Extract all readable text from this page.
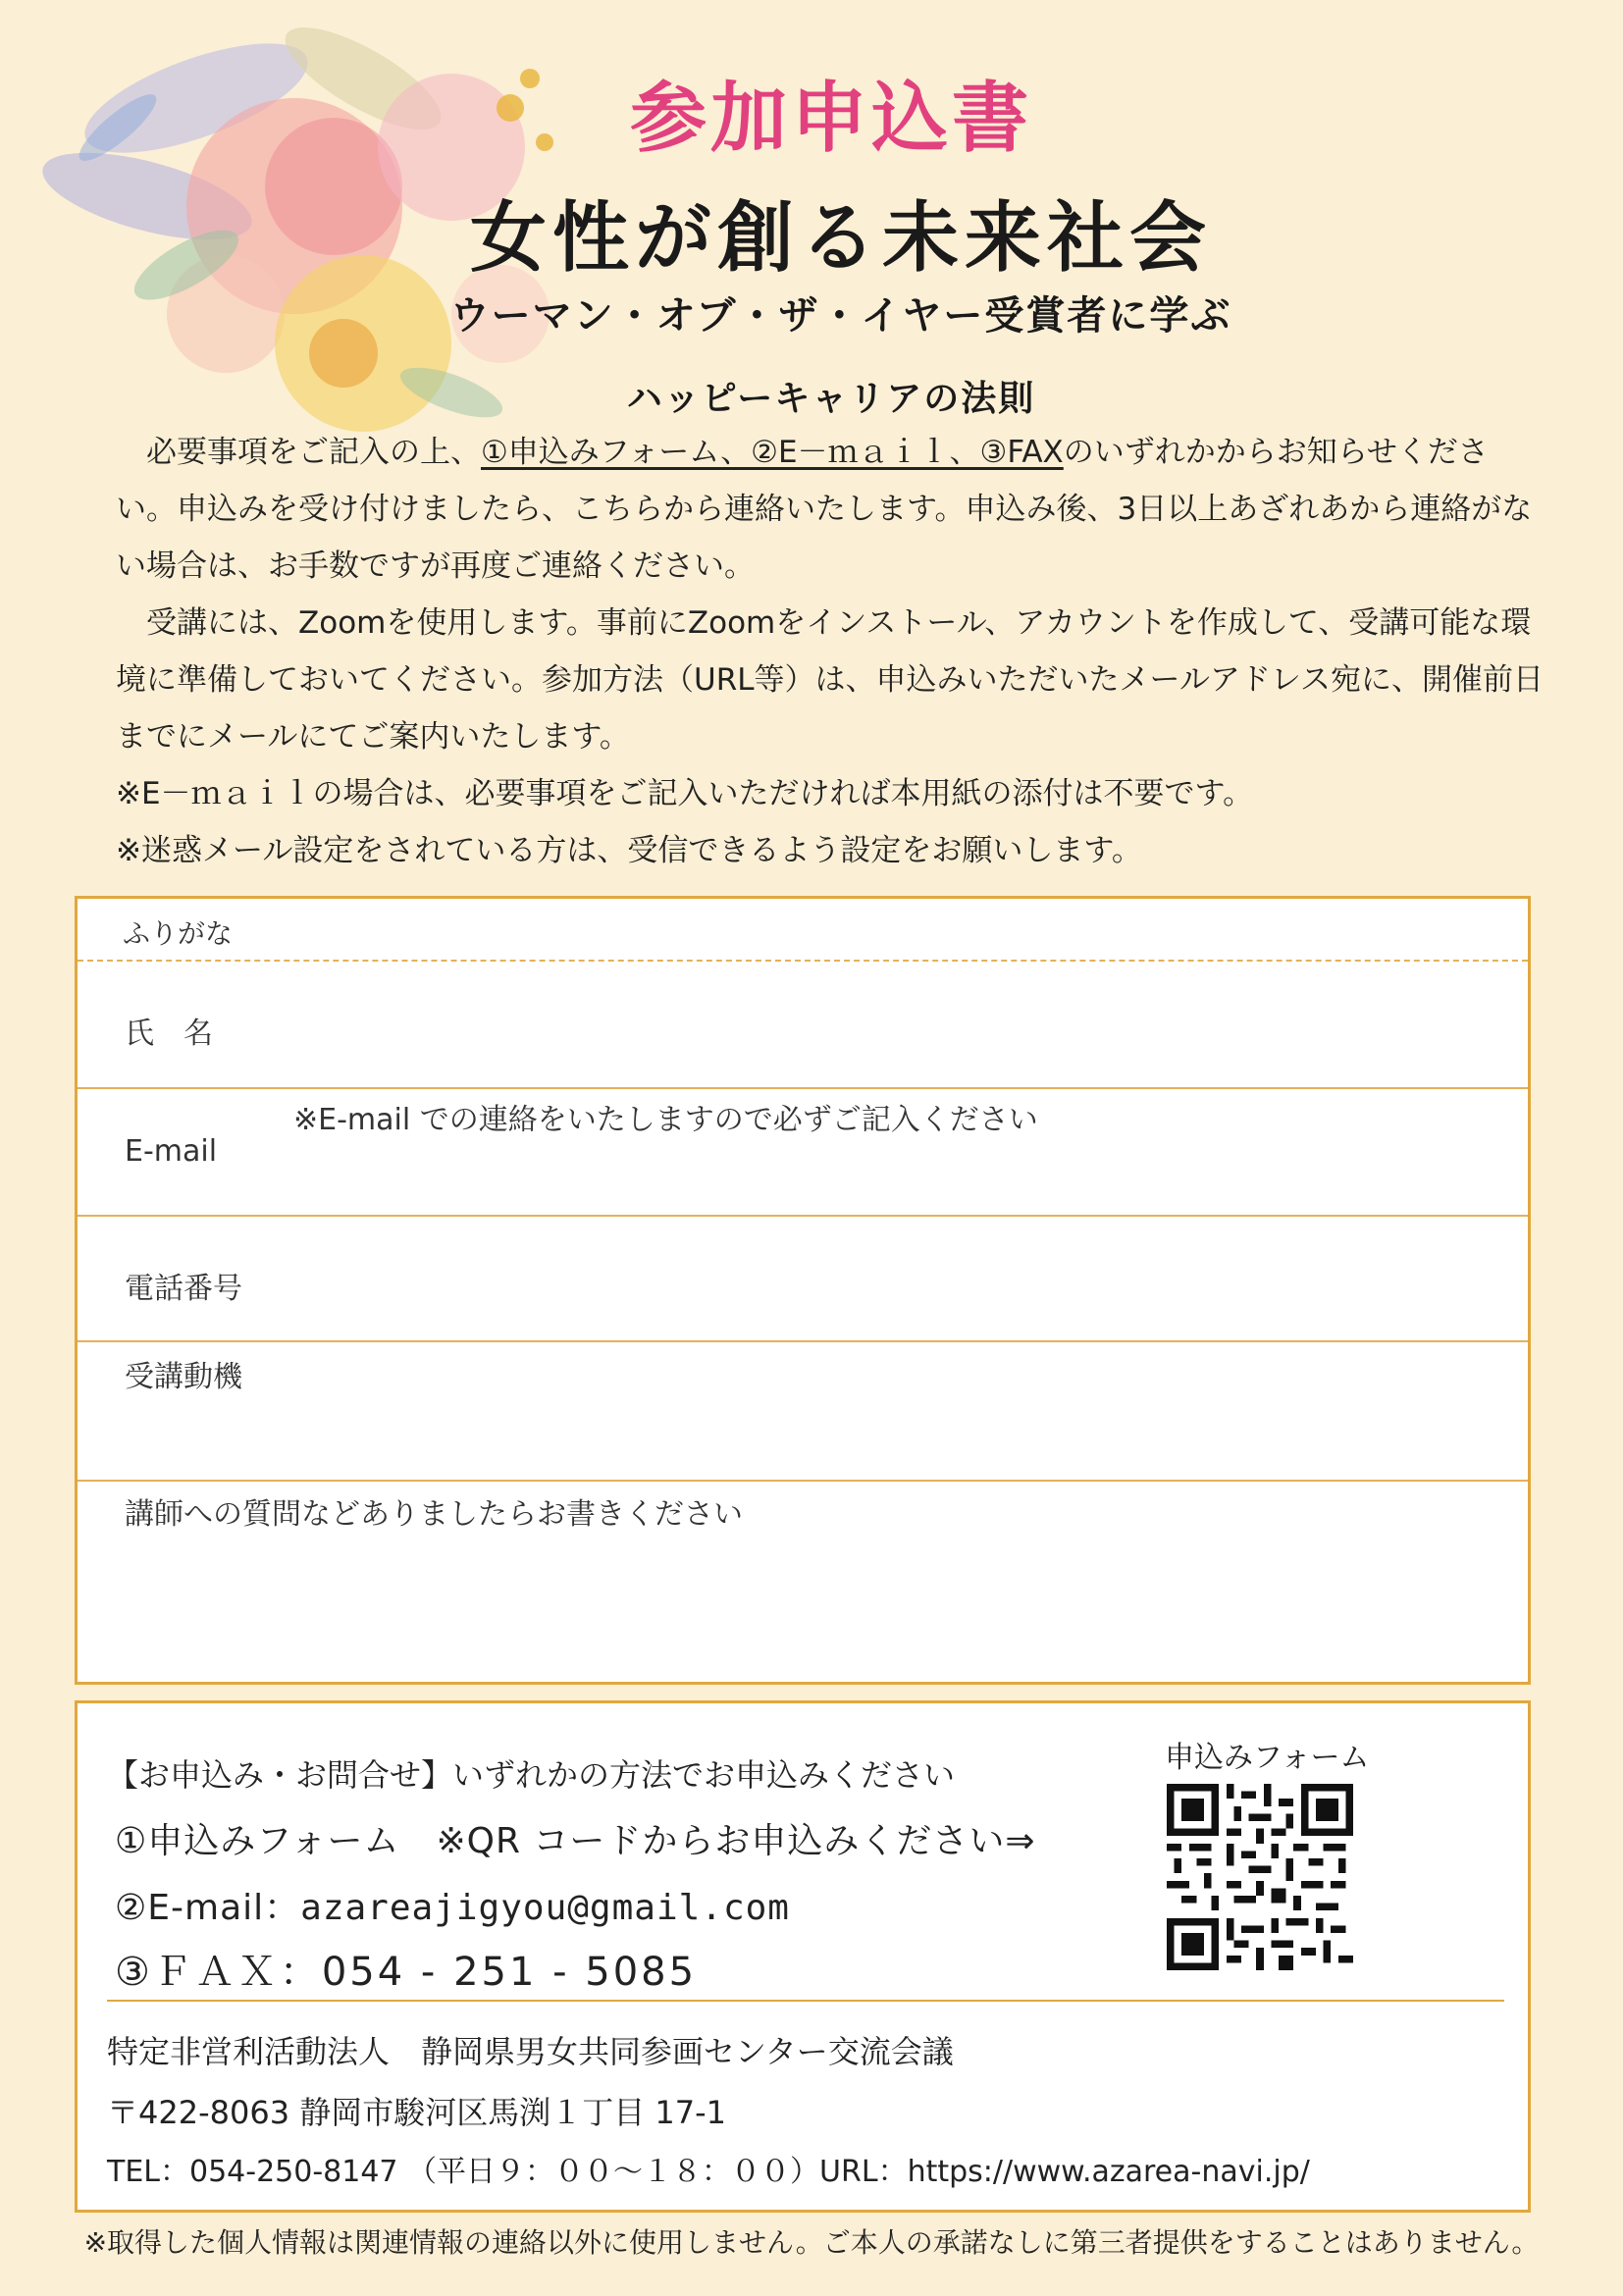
参加申込書
女性が創る未来社会
ウーマン・オブ・ザ・イヤー受賞者に学ぶ
ハッピーキャリアの法則

必要事項をご記入の上、①申込みフォーム、②E－ｍａｉｌ、③FAXのいずれかからお知らせください。申込みを受け付けましたら、こちらから連絡いたします。申込み後、3日以上あざれあから連絡がない場合は、お手数ですが再度ご連絡ください。

受講には、Zoomを使用します。事前にZoomをインストール、アカウントを作成して、受講可能な環境に準備しておいてください。参加方法（URL等）は、申込みいただいたメールアドレス宛に、開催前日までにメールにてご案内いたします。

※E－ｍａｉｌの場合は、必要事項をご記入いただければ本用紙の添付は不要です。

※迷惑メール設定をされている方は、受信できるよう設定をお願いします。

ふりがな
氏　名
※E-mail での連絡をいたしますので必ずご記入ください
E-mail
電話番号
受講動機
講師への質問などありましたらお書きください
【お申込み・お問合せ】いずれかの方法でお申込みください
①申込みフォーム　※QR コードからお申込みください⇒
②E-mail：azareajigyou@gmail.com
③ＦＡＸ：054 - 251 - 5085
申込みフォーム
特定非営利活動法人　静岡県男女共同参画センター交流会議
〒422-8063 静岡市駿河区馬渕１丁目 17-1
TEL：054-250-8147 （平日９：００～１８：００）URL：https://www.azarea-navi.jp/
※取得した個人情報は関連情報の連絡以外に使用しません。ご本人の承諾なしに第三者提供をすることはありません。
